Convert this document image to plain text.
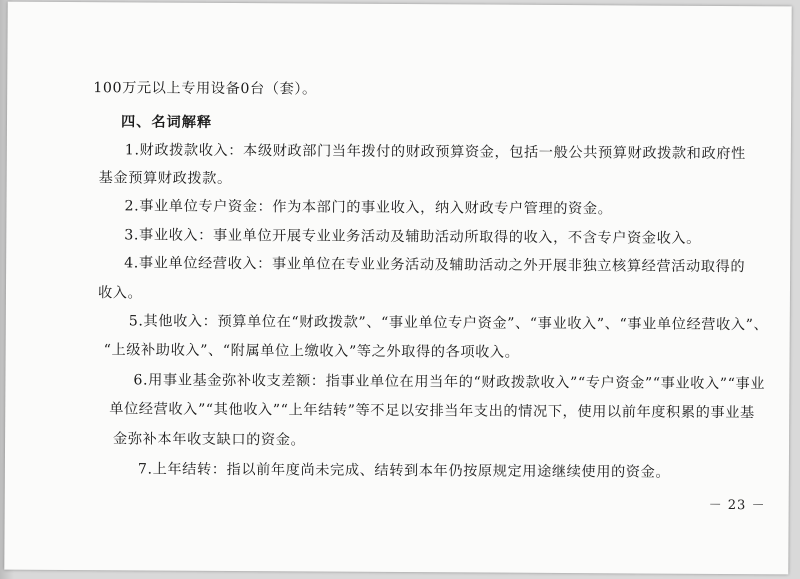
100万元以上专用设备0台（套）。
四、名词解释
1.财政拨款收入：本级财政部门当年拨付的财政预算资金，包括一般公共预算财政拨款和政府性
基金预算财政拨款。
2.事业单位专户资金：作为本部门的事业收入，纳入财政专户管理的资金。
3.事业收入：事业单位开展专业业务活动及辅助活动所取得的收入，不含专户资金收入。
4.事业单位经营收入：事业单位在专业业务活动及辅助活动之外开展非独立核算经营活动取得的
收入。
5.其他收入：预算单位在“财政拨款”、“事业单位专户资金”、“事业收入”、“事业单位经营收入”、
“上级补助收入”、“附属单位上缴收入”等之外取得的各项收入。
6.用事业基金弥补收支差额：指事业单位在用当年的“财政拨款收入”“专户资金”“事业收入”“事业
单位经营收入”“其他收入”“上年结转”等不足以安排当年支出的情况下，使用以前年度积累的事业基
金弥补本年收支缺口的资金。
7.上年结转：指以前年度尚未完成、结转到本年仍按原规定用途继续使用的资金。
－ 23 －
